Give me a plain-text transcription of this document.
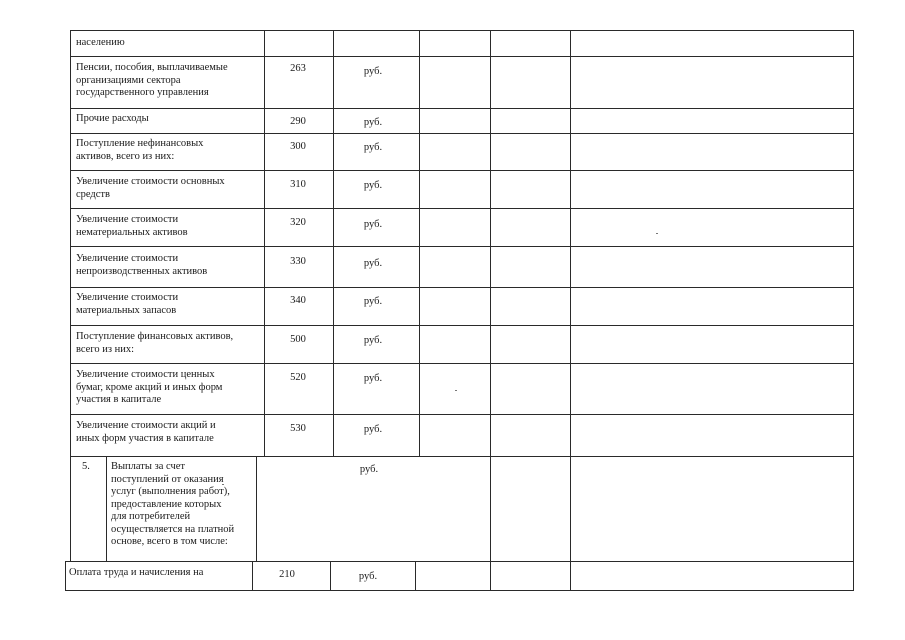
населению
Пенсии, пособия, выплачиваемые
организациями сектора
государственного управления
263	руб.
Прочие расходы	290	руб.
Поступление нефинансовых
активов, всего из них:
300	руб.
Увеличение стоимости основных
средств
310	руб.
Увеличение стоимости
нематериальных активов
320	руб.
Увеличение стоимости
непроизводственных активов
330	руб.
Увеличение стоимости
материальных запасов
340	руб.
Поступление финансовых активов,
всего из них:
500	руб.
Увеличение стоимости ценных
бумаг, кроме акций и иных форм
участия в капитале
520	руб.
Увеличение стоимости акций и
иных форм участия в капитале
530	руб.
5. Выплаты за счет
поступлений от оказания
услуг (выполнения работ),
предоставление которых
для потребителей
осуществляется на платной
основе, всего в том числе:
руб.
Оплата труда и начисления на	210	руб.
